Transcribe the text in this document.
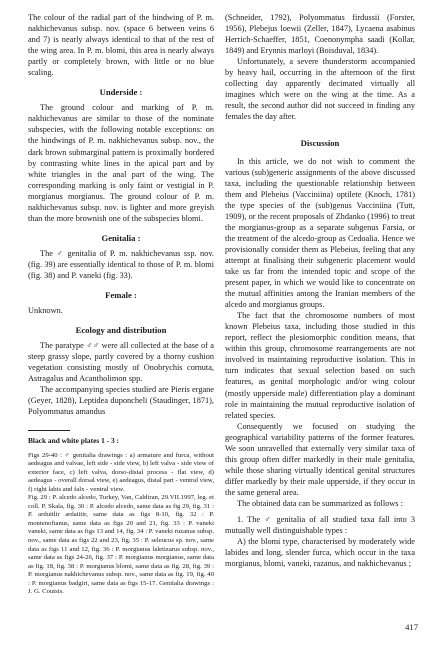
The colour of the radial part of the hindwing of P. m. nakhichevanus subsp. nov. (space 6 between veins 6 and 7) is nearly always identical to that of the rest of the wing area. In P. m. blomi, this area is nearly always partly or completely brown, with little or no blue scaling.

Underside :

The ground colour and marking of P. m. nakhichevanus are similar to those of the nominate subspecies, with the following notable exceptions: on the hindwings of P. m. nakhichevanus subsp. nov., the dark brown submarginal pattern is proximally bordered by contrasting white lines in the apical part and by white triangles in the anal part of the wing. The corresponding marking is only faint or vestigial in P. morgianus morgianus. The ground colour of P. m. nakhichevanus subsp. nov. is lighter and more greyish than the more brownish one of the subspecies blomi.

Genitalia :

The ♂ genitalia of P. m. nakhichevanus ssp. nov. (fig. 39) are essentially identical to those of P. m. blomi (fig. 38) and P. vaneki (fig. 33).

Female :

Unknown.

Ecology and distribution

The paratype ♂♂ were all collected at the base of a steep grassy slope, partly covered by a thorny cushion vegetation consisting mostly of Onobrychis cornuta, Astragalus and Acantholimon spp.

The accompanying species studied are Pieris ergane (Geyer, 1828), Leptidea duponcheli (Staudinger, 1871), Polyommatus amandus

Black and white plates 1 - 3 :

Figs 29-40 : ♂ genitalia drawings : a) armature and furca, without aedeagus and valvae, left side - side view, b) left valva - side view of exterior face, c) left valva, dorso-distal process - flat view, d) aedeagus - overall dorsal view, e) aedeagus, distal part - ventral view, f) right labis and falx - ventral view.

Fig. 29 : P. alcedo alcedo, Turkey, Van, Caldiran, 29.VII.1997, leg. et coll. P. Skala, fig. 30 : P. alcedo alcedo, same data as fig 29, fig. 31 : P. arduitlir ardaiitir, same data as figs 8-10, fig. 32 : P. montenoftanus, same data as figs 20 and 21, fig. 33 : P. vaneki vaneki, same data as figs 13 and 14, fig. 34 : P. vaneki ruzanus subsp. nov., same data as figs 22 and 23, fig. 35 : P. seleucus sp. nov., same data as figs 11 and 12, fig. 36 : P. morgianus laletizarus subsp. nov., same data as figs 24-26, fig. 37 : P. morgianus morgianus, same data as fig. 18, fig. 38 : P. morgianus blomi, same data as fig. 28, fig. 39 : P. morgianus nakhichevanus subsp. nov., same data as fig. 19, fig. 40 : P. morgianus badgiri, same data as figs 15-17. Genitalia drawings : J. G. Coutsis.

(Schneider, 1792), Polyommatus firdussii (Forster, 1956), Plebejus loewii (Zeller, 1847), Lycaena asabinus Herrich-Schaeffer, 1851, Coenonympha saadi (Kollar, 1849) and Erynnis marloyi (Boisduval, 1834).

Unfortunately, a severe thunderstorm accompanied by heavy hail, occurring in the afternoon of the first collecting day apparently decimated virtually all imagines which were on the wing at the time. As a result, the second author did not succeed in finding any females the day after.

Discussion

In this article, we do not wish to comment the various (sub)generic assignments of the above discussed taxa, including the questionable relationship between them and Plebeius (Vacciniina) optilete (Knoch, 1781) the type species of the (sub)genus Vacciniina (Tutt, 1909), or the recent proposals of Zhdanko (1996) to treat the morgianus-group as a separate subgenus Farsia, or the treatment of the alcedo-group as Cedoalia. Hence we provisionally consider them as Plebeius, feeling that any attempt at finalising their subgeneric placement would take us far from the intended topic and scope of the present paper, in which we would like to concentrate on the mutual affinities among the Iranian members of the alcedo and morgianus groups.

The fact that the chromosome numbers of most known Plebeius taxa, including those studied in this report, reflect the plesiomorphic condition means, that within this group, chromosome rearrangements are not involved in maintaining reproductive isolation. This in turn indicates that sexual selection based on such features, as genital morphologic and/or wing colour (mostly upperside male) differentiation play a dominant role in maintaining the mutual reproductive isolation of related species.

Consequently we focused on studying the geographical variability patterns of the former features. We soon unravelled that externally very similar taxa of this group often differ markedly in their male genitalia, while those sharing virtually identical genital structures differ markedly by their male upperside, if they occur in the same general area.

The obtained data can be summarized as follows :

1. The ♂ genitalia of all studied taxa fall into 3 mutually well distinguishable types :

A) the blomi type, characterised by moderately wide labides and long, slender furca, which occur in the taxa morgianus, blomi, vaneki, razanus, and nakhichevanus ;

417
